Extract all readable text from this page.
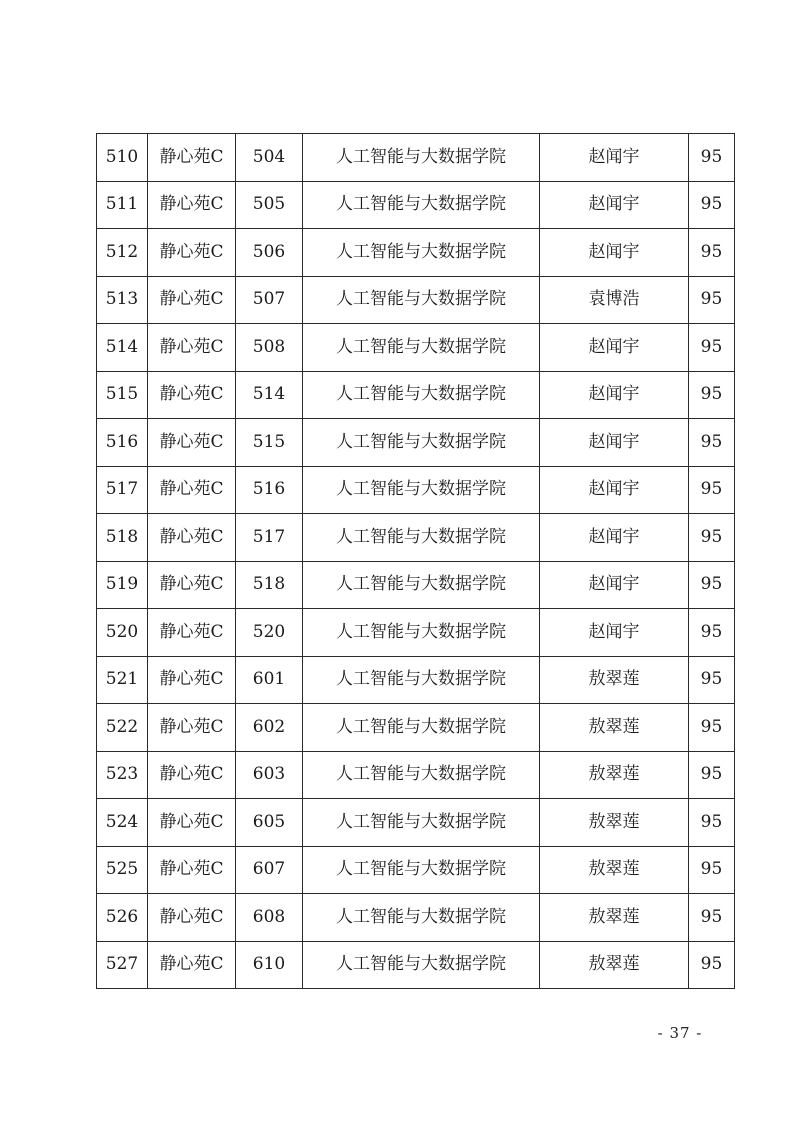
510	静心苑C	504	人工智能与大数据学院	赵闻宇	95
511	静心苑C	505	人工智能与大数据学院	赵闻宇	95
512	静心苑C	506	人工智能与大数据学院	赵闻宇	95
513	静心苑C	507	人工智能与大数据学院	袁博浩	95
514	静心苑C	508	人工智能与大数据学院	赵闻宇	95
515	静心苑C	514	人工智能与大数据学院	赵闻宇	95
516	静心苑C	515	人工智能与大数据学院	赵闻宇	95
517	静心苑C	516	人工智能与大数据学院	赵闻宇	95
518	静心苑C	517	人工智能与大数据学院	赵闻宇	95
519	静心苑C	518	人工智能与大数据学院	赵闻宇	95
520	静心苑C	520	人工智能与大数据学院	赵闻宇	95
521	静心苑C	601	人工智能与大数据学院	敖翠莲	95
522	静心苑C	602	人工智能与大数据学院	敖翠莲	95
523	静心苑C	603	人工智能与大数据学院	敖翠莲	95
524	静心苑C	605	人工智能与大数据学院	敖翠莲	95
525	静心苑C	607	人工智能与大数据学院	敖翠莲	95
526	静心苑C	608	人工智能与大数据学院	敖翠莲	95
527	静心苑C	610	人工智能与大数据学院	敖翠莲	95
- 37 -
